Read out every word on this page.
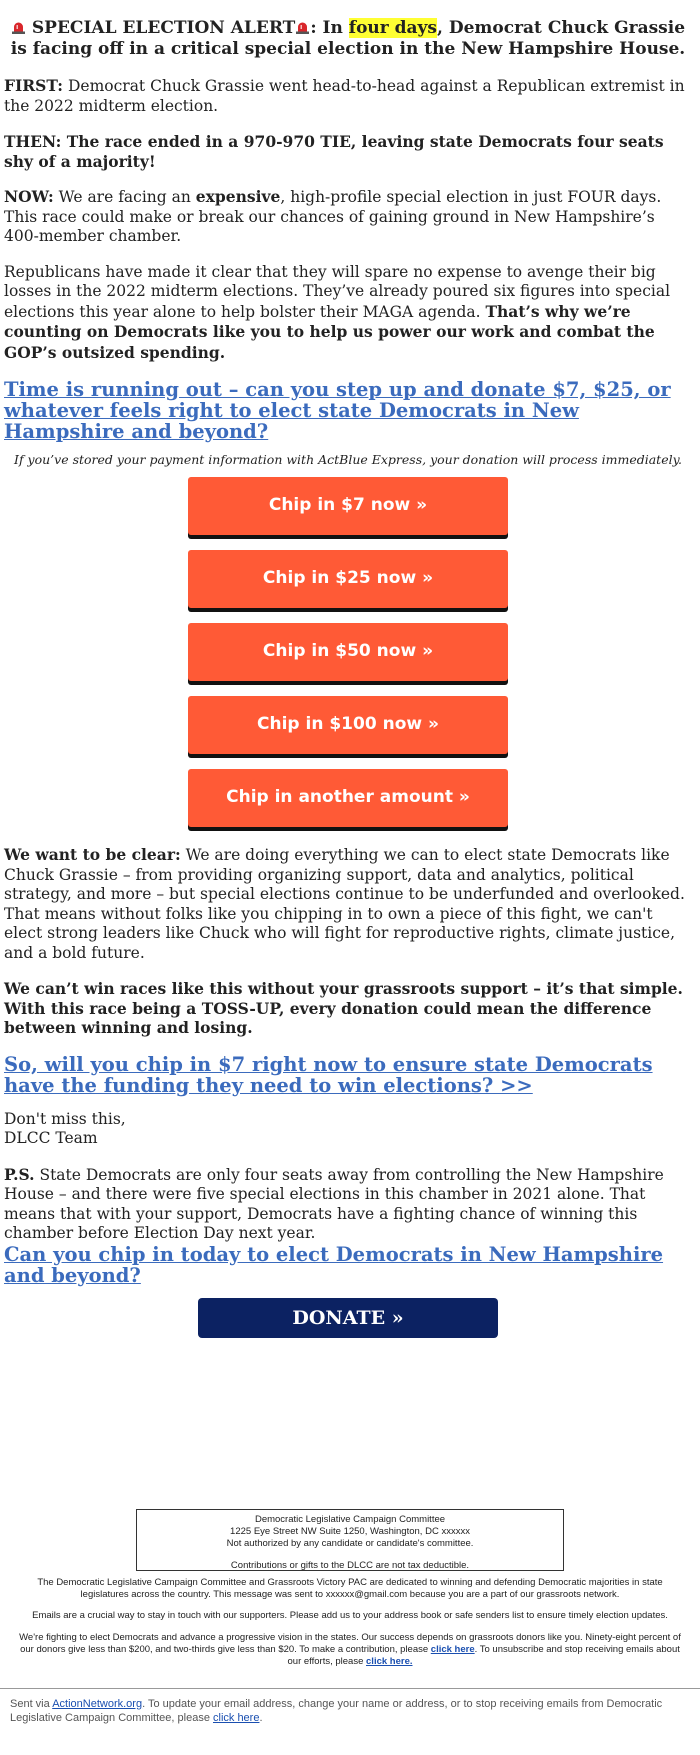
SPECIAL ELECTION ALERT : In four days, Democrat Chuck Grassie is facing off in a critical special election in the New Hampshire House.

FIRST: Democrat Chuck Grassie went head-to-head against a Republican extremist in the 2022 midterm election.

THEN: The race ended in a 970-970 TIE, leaving state Democrats four seats shy of a majority!

NOW: We are facing an expensive, high-profile special election in just FOUR days. This race could make or break our chances of gaining ground in New Hampshire’s 400-member chamber.

Republicans have made it clear that they will spare no expense to avenge their big losses in the 2022 midterm elections. They’ve already poured six figures into special elections this year alone to help bolster their MAGA agenda. That’s why we’re counting on Democrats like you to help us power our work and combat the GOP’s outsized spending.

Time is running out – can you step up and donate $7, $25, or whatever feels right to elect state Democrats in New Hampshire and beyond?
If you’ve stored your payment information with ActBlue Express, your donation will process immediately.
Chip in $7 now »
Chip in $25 now »
Chip in $50 now »
Chip in $100 now »
Chip in another amount »

We want to be clear: We are doing everything we can to elect state Democrats like Chuck Grassie – from providing organizing support, data and analytics, political strategy, and more – but special elections continue to be underfunded and overlooked. That means without folks like you chipping in to own a piece of this fight, we can't elect strong leaders like Chuck who will fight for reproductive rights, climate justice, and a bold future.

We can’t win races like this without your grassroots support – it’s that simple. With this race being a TOSS-UP, every donation could mean the difference between winning and losing.

So, will you chip in $7 right now to ensure state Democrats have the funding they need to win elections? >>

Don't miss this,
DLCC Team

P.S. State Democrats are only four seats away from controlling the New Hampshire House – and there were five special elections in this chamber in 2021 alone. That means that with your support, Democrats have a fighting chance of winning this chamber before Election Day next year.

Can you chip in today to elect Democrats in New Hampshire and beyond?
DONATE »
Democratic Legislative Campaign Committee
1225 Eye Street NW Suite 1250, Washington, DC xxxxxx
Not authorized by any candidate or candidate's committee.
Contributions or gifts to the DLCC are not tax deductible.
The Democratic Legislative Campaign Committee and Grassroots Victory PAC are dedicated to winning and defending Democratic majorities in state legislatures across the country. This message was sent to xxxxxx@gmail.com because you are a part of our grassroots network.
Emails are a crucial way to stay in touch with our supporters. Please add us to your address book or safe senders list to ensure timely election updates.
We're fighting to elect Democrats and advance a progressive vision in the states. Our success depends on grassroots donors like you. Ninety-eight percent of our donors give less than $200, and two-thirds give less than $20. To make a contribution, please click here. To unsubscribe and stop receiving emails about our efforts, please click here.
Sent via ActionNetwork.org. To update your email address, change your name or address, or to stop receiving emails from Democratic Legislative Campaign Committee, please click here.
